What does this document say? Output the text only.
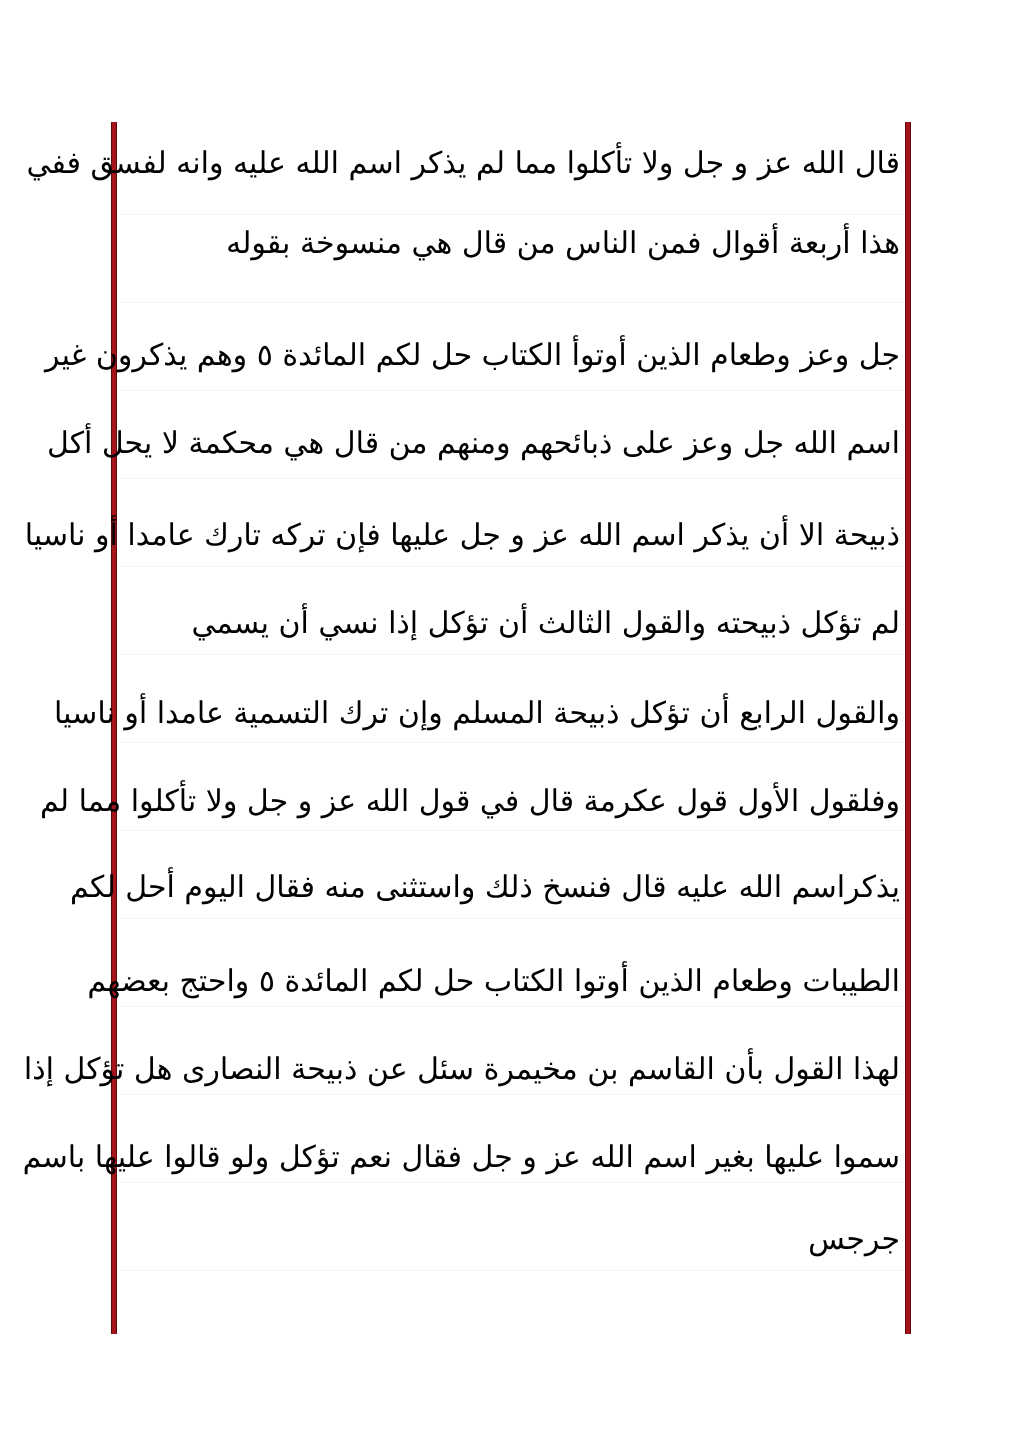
قال الله عز و جل ولا تأكلوا مما لم يذكر اسم الله عليه وانه لفسق ففي
هذا أربعة أقوال فمن الناس من قال هي منسوخة بقوله
جل وعز وطعام الذين أوتوأ الكتاب حل لكم المائدة ٥ وهم يذكرون غير
اسم الله جل وعز على ذبائحهم ومنهم من قال هي محكمة لا يحل أكل
ذبيحة الا أن يذكر اسم الله عز و جل عليها فإن تركه تارك عامدا أو ناسيا
لم تؤكل ذبيحته والقول الثالث أن تؤكل إذا نسي أن يسمي
والقول الرابع أن تؤكل ذبيحة المسلم وإن ترك التسمية عامدا أو ناسيا
وفلقول الأول قول عكرمة قال في قول الله عز و جل ولا تأكلوا مما لم
يذكراسم الله عليه قال فنسخ ذلك واستثنى منه فقال اليوم أحل لكم
الطيبات وطعام الذين أوتوا الكتاب حل لكم المائدة ٥ واحتج بعضهم
لهذا القول بأن القاسم بن مخيمرة سئل عن ذبيحة النصارى هل تؤكل إذا
سموا عليها بغير اسم الله عز و جل فقال نعم تؤكل ولو قالوا عليها باسم
جرجس
